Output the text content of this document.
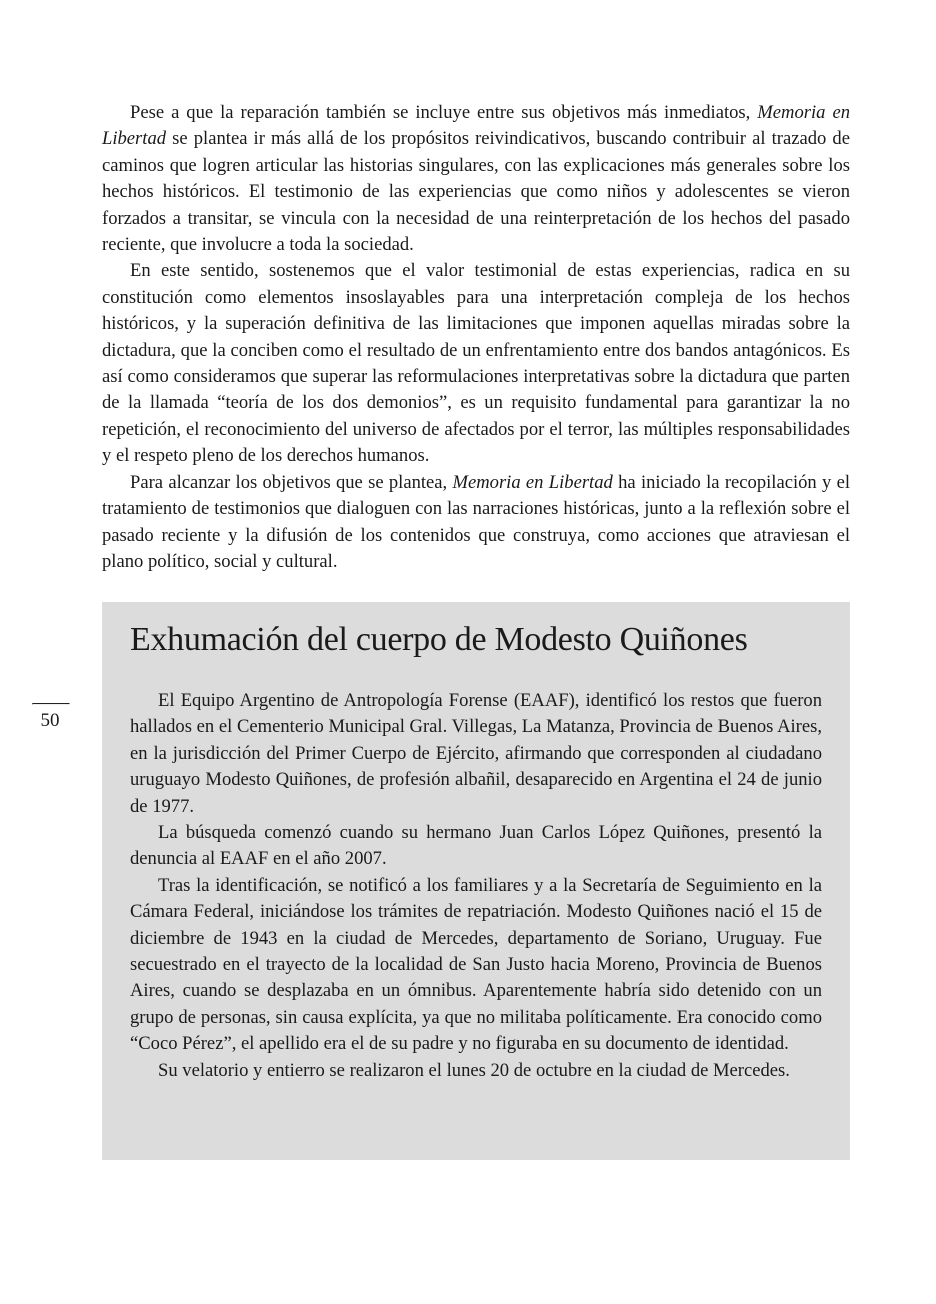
Pese a que la reparación también se incluye entre sus objetivos más inmediatos, Memoria en Libertad se plantea ir más allá de los propósitos reivindicativos, buscando contribuir al trazado de caminos que logren articular las historias singulares, con las explicaciones más generales sobre los hechos históricos. El testimonio de las experiencias que como niños y adolescentes se vieron forzados a transitar, se vincula con la necesidad de una reinterpretación de los hechos del pasado reciente, que involucre a toda la sociedad.

En este sentido, sostenemos que el valor testimonial de estas experiencias, radica en su constitución como elementos insoslayables para una interpretación compleja de los hechos históricos, y la superación definitiva de las limitaciones que imponen aquellas miradas sobre la dictadura, que la conciben como el resultado de un enfrentamiento entre dos bandos antagónicos. Es así como consideramos que superar las reformulaciones interpretativas sobre la dictadura que parten de la llamada “teoría de los dos demonios”, es un requisito fundamental para garantizar la no repetición, el reconocimiento del universo de afectados por el terror, las múltiples responsabilidades y el respeto pleno de los derechos humanos.

Para alcanzar los objetivos que se plantea, Memoria en Libertad ha iniciado la recopilación y el tratamiento de testimonios que dialoguen con las narraciones históricas, junto a la reflexión sobre el pasado reciente y la difusión de los contenidos que construya, como acciones que atraviesan el plano político, social y cultural.

50
Exhumación del cuerpo de Modesto Quiñones

El Equipo Argentino de Antropología Forense (EAAF), identificó los restos que fueron hallados en el Cementerio Municipal Gral. Villegas, La Matanza, Provincia de Buenos Aires, en la jurisdicción del Primer Cuerpo de Ejército, afirmando que corresponden al ciudadano uruguayo Modesto Quiñones, de profesión albañil, desaparecido en Argentina el 24 de junio de 1977.

La búsqueda comenzó cuando su hermano Juan Carlos López Quiñones, presentó la denuncia al EAAF en el año 2007.

Tras la identificación, se notificó a los familiares y a la Secretaría de Seguimiento en la Cámara Federal, iniciándose los trámites de repatriación. Modesto Quiñones nació el 15 de diciembre de 1943 en la ciudad de Mercedes, departamento de Soriano, Uruguay. Fue secuestrado en el trayecto de la localidad de San Justo hacia Moreno, Provincia de Buenos Aires, cuando se desplazaba en un ómnibus. Aparentemente habría sido detenido con un grupo de personas, sin causa explícita, ya que no militaba políticamente. Era conocido como “Coco Pérez”, el apellido era el de su padre y no figuraba en su documento de identidad.

Su velatorio y entierro se realizaron el lunes 20 de octubre en la ciudad de Mercedes.
